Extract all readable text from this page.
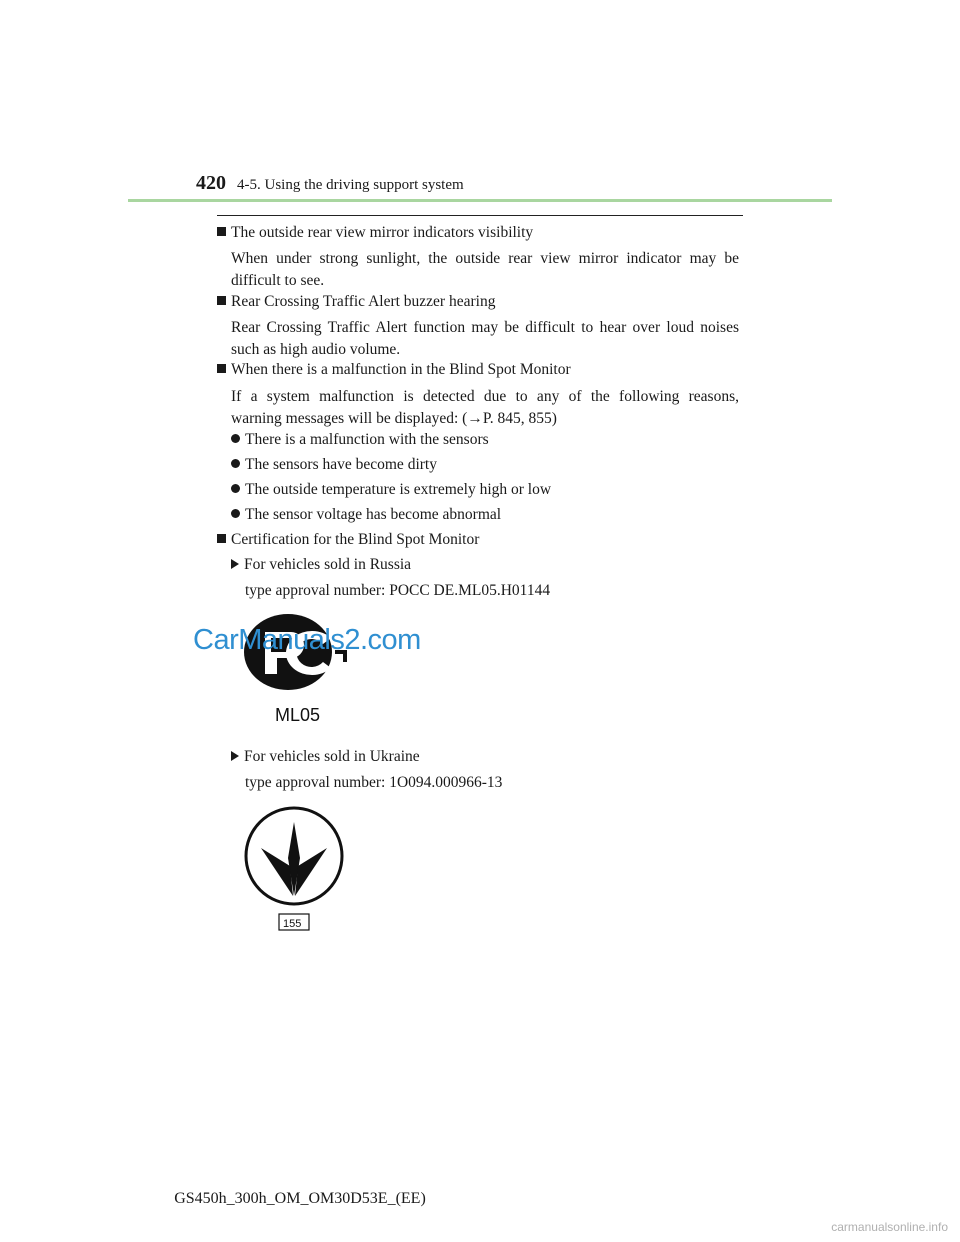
420 4-5. Using the driving support system
The outside rear view mirror indicators visibility
When under strong sunlight, the outside rear view mirror indicator may be
difficult to see.
Rear Crossing Traffic Alert buzzer hearing
Rear Crossing Traffic Alert function may be difficult to hear over loud noises
such as high audio volume.
When there is a malfunction in the Blind Spot Monitor
If a system malfunction is detected due to any of the following reasons,
warning messages will be displayed: (→P. 845, 855)
There is a malfunction with the sensors
The sensors have become dirty
The outside temperature is extremely high or low
The sensor voltage has become abnormal
Certification for the Blind Spot Monitor
For vehicles sold in Russia
type approval number: POCC DE.ML05.H01144
ML05
CarManuals2.com
For vehicles sold in Ukraine
type approval number: 1O094.000966-13
155
GS450h_300h_OM_OM30D53E_(EE)
carmanualsonline.info
